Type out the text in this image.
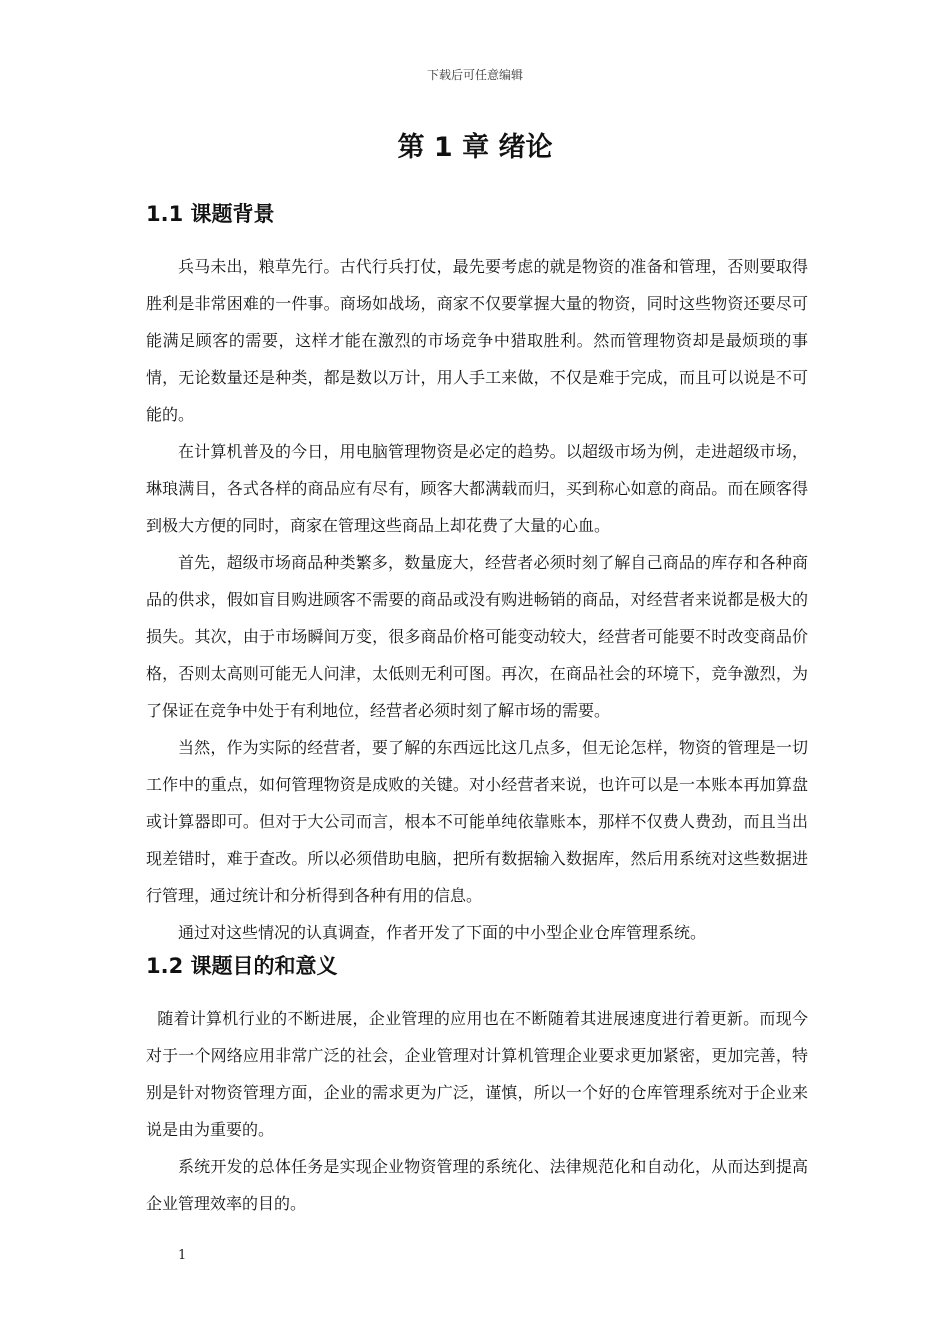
下载后可任意编辑
第 1 章 绪论
1.1 课题背景

兵马未出，粮草先行。古代行兵打仗，最先要考虑的就是物资的准备和管理，否则要取得胜利是非常困难的一件事。商场如战场，商家不仅要掌握大量的物资，同时这些物资还要尽可能满足顾客的需要，这样才能在激烈的市场竞争中猎取胜利。然而管理物资却是最烦琐的事情，无论数量还是种类，都是数以万计，用人手工来做，不仅是难于完成，而且可以说是不可能的。

在计算机普及的今日，用电脑管理物资是必定的趋势。以超级市场为例，走进超级市场，琳琅满目，各式各样的商品应有尽有，顾客大都满载而归，买到称心如意的商品。而在顾客得到极大方便的同时，商家在管理这些商品上却花费了大量的心血。

首先，超级市场商品种类繁多，数量庞大，经营者必须时刻了解自己商品的库存和各种商品的供求，假如盲目购进顾客不需要的商品或没有购进畅销的商品，对经营者来说都是极大的损失。其次，由于市场瞬间万变，很多商品价格可能变动较大，经营者可能要不时改变商品价格，否则太高则可能无人问津，太低则无利可图。再次，在商品社会的环境下，竞争激烈，为了保证在竞争中处于有利地位，经营者必须时刻了解市场的需要。

当然，作为实际的经营者，要了解的东西远比这几点多，但无论怎样，物资的管理是一切工作中的重点，如何管理物资是成败的关键。对小经营者来说，也许可以是一本账本再加算盘或计算器即可。但对于大公司而言，根本不可能单纯依靠账本，那样不仅费人费劲，而且当出现差错时，难于查改。所以必须借助电脑，把所有数据输入数据库，然后用系统对这些数据进行管理，通过统计和分析得到各种有用的信息。

通过对这些情况的认真调查，作者开发了下面的中小型企业仓库管理系统。

1.2 课题目的和意义

随着计算机行业的不断进展，企业管理的应用也在不断随着其进展速度进行着更新。而现今对于一个网络应用非常广泛的社会，企业管理对计算机管理企业要求更加紧密，更加完善，特别是针对物资管理方面，企业的需求更为广泛，谨慎，所以一个好的仓库管理系统对于企业来说是由为重要的。

系统开发的总体任务是实现企业物资管理的系统化、法律规范化和自动化，从而达到提高企业管理效率的目的。

1
